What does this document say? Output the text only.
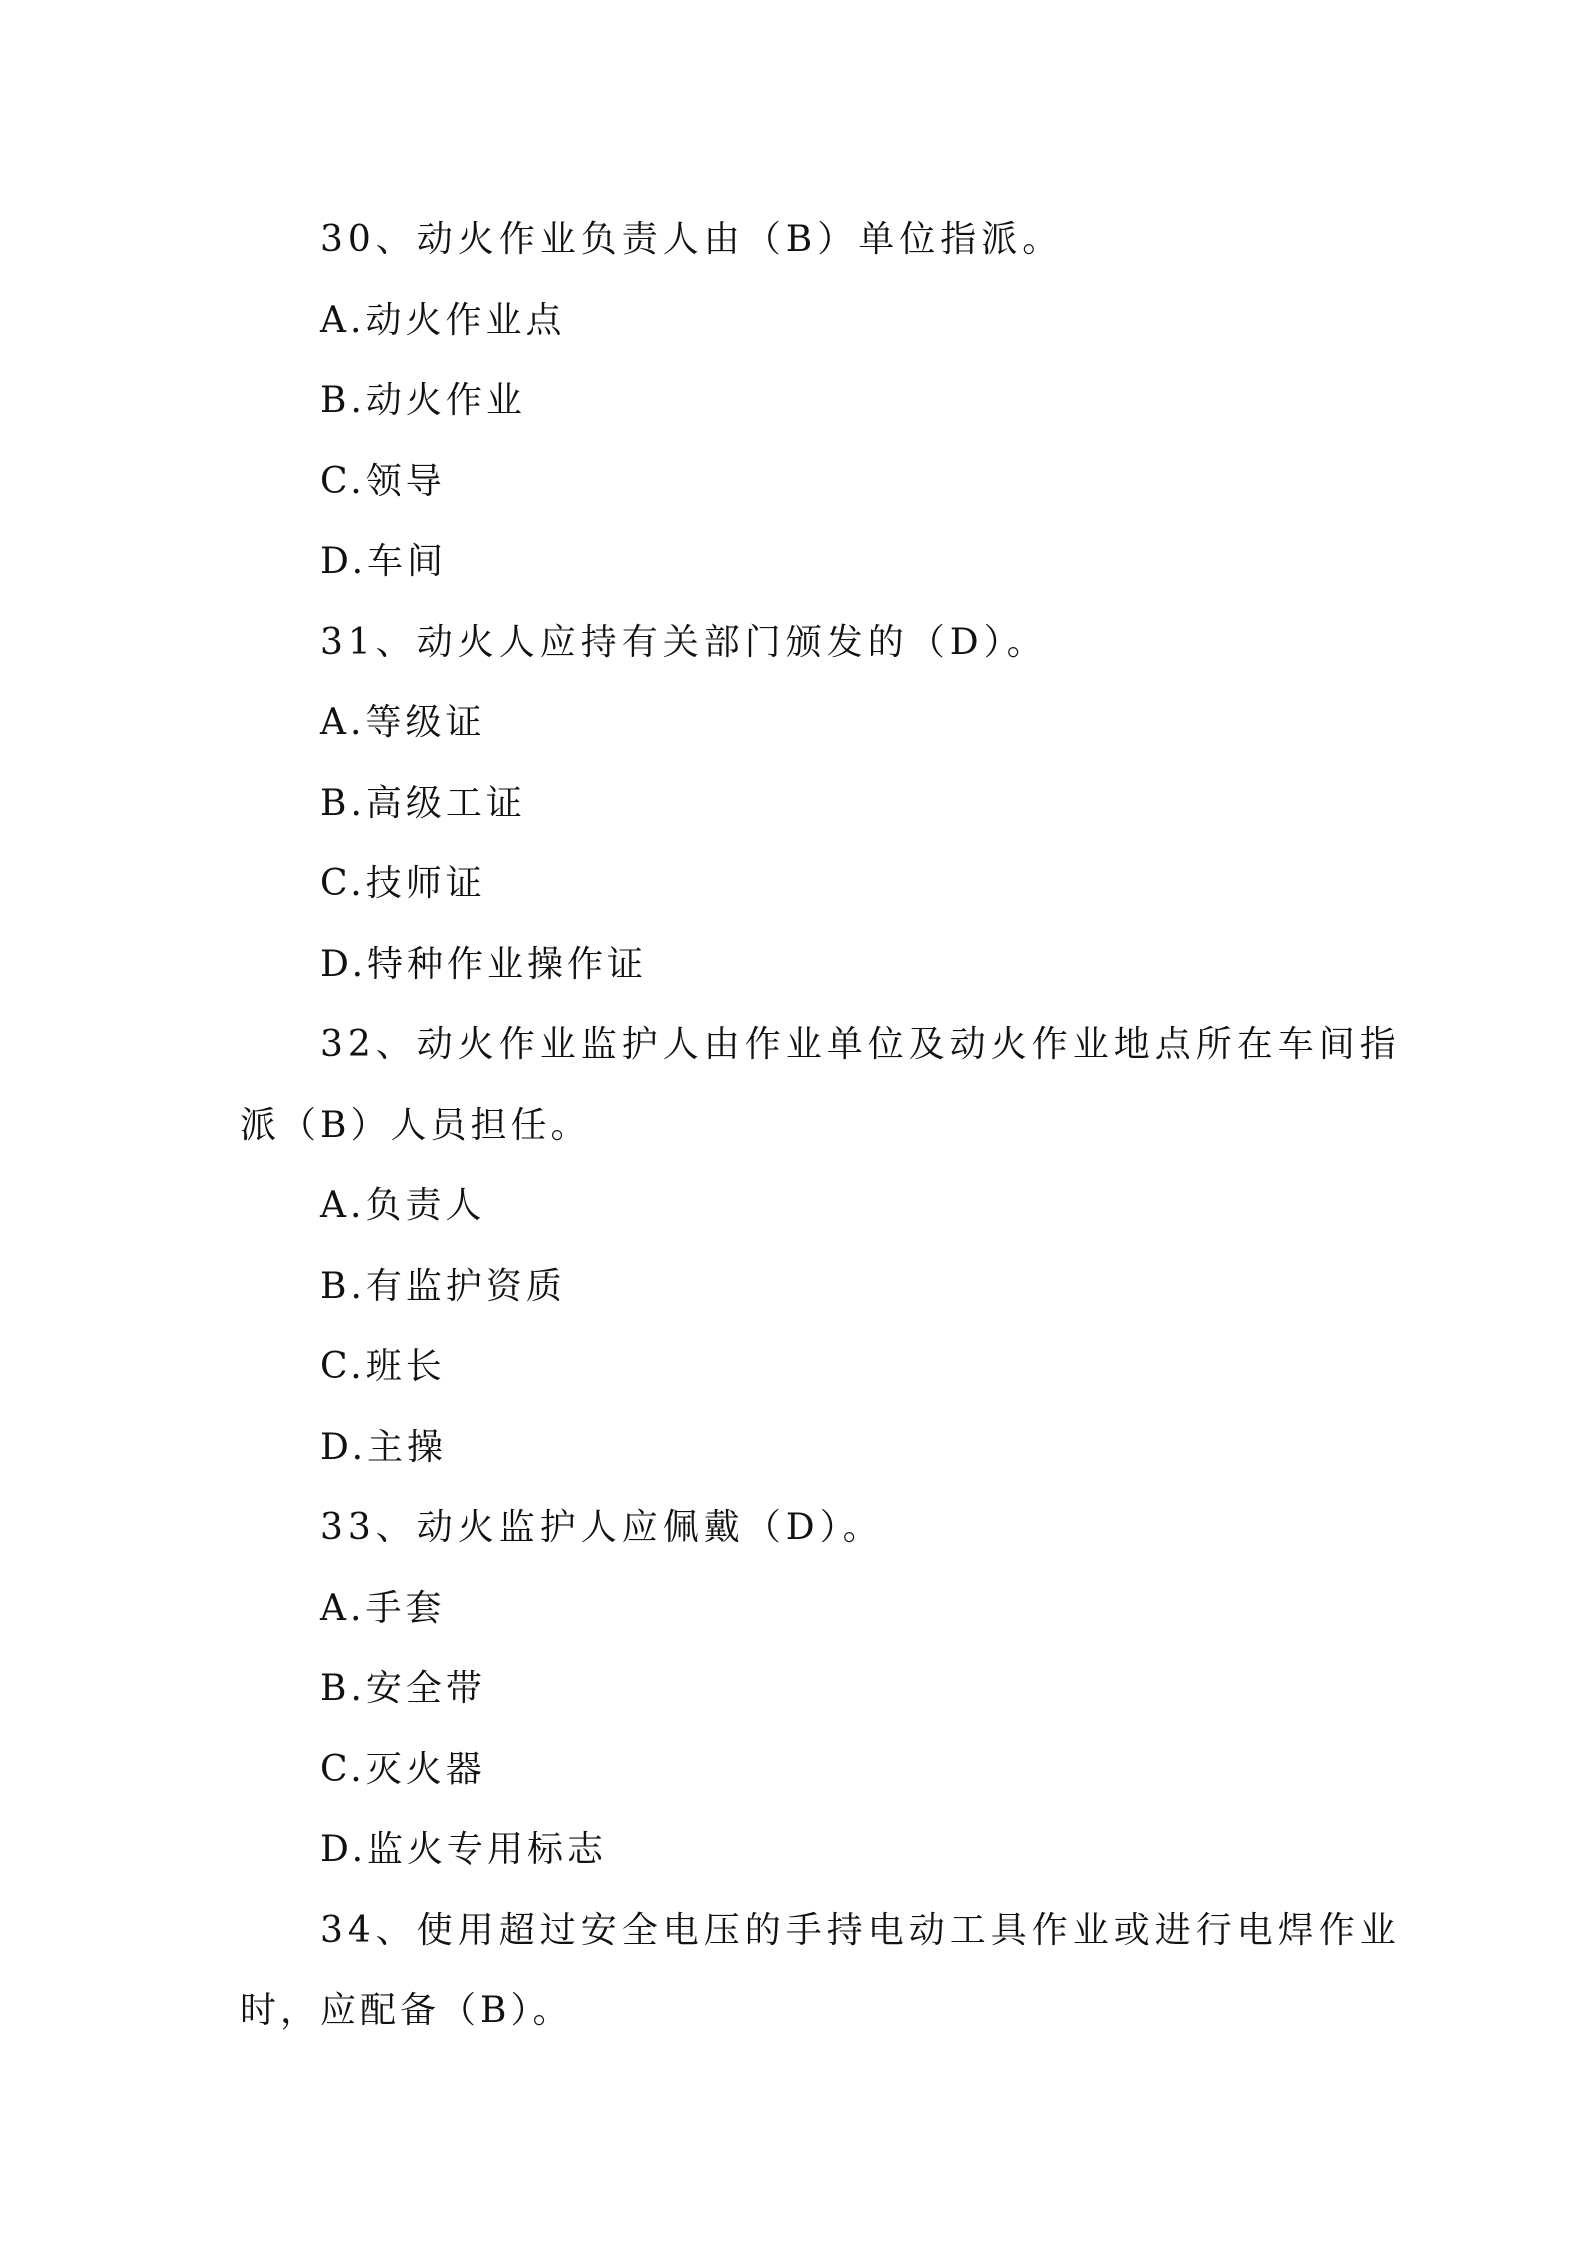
30、动火作业负责人由（B）单位指派。
A.动火作业点
B.动火作业
C.领导
D.车间
31、动火人应持有关部门颁发的（D）。
A.等级证
B.高级工证
C.技师证
D.特种作业操作证
32、动火作业监护人由作业单位及动火作业地点所在车间指
派（B）人员担任。
A.负责人
B.有监护资质
C.班长
D.主操
33、动火监护人应佩戴（D）。
A.手套
B.安全带
C.灭火器
D.监火专用标志
34、使用超过安全电压的手持电动工具作业或进行电焊作业
时，应配备（B）。
